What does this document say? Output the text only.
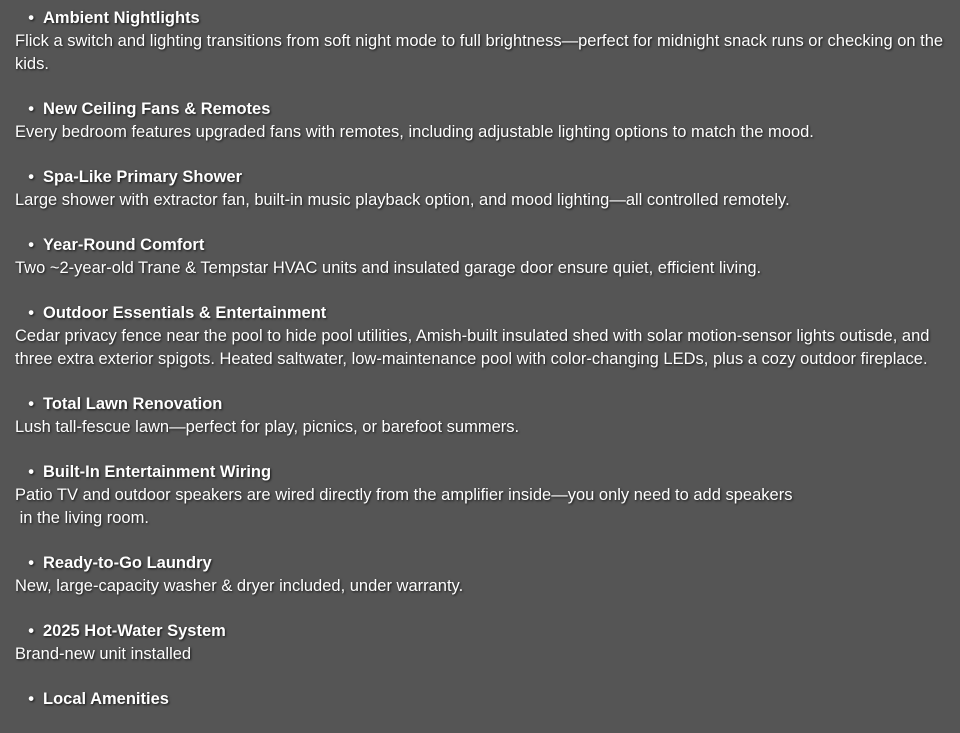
• Ambient Nightlights
Flick a switch and lighting transitions from soft night mode to full brightness—perfect for midnight snack runs or checking on the kids.
• New Ceiling Fans & Remotes
Every bedroom features upgraded fans with remotes, including adjustable lighting options to match the mood.
• Spa-Like Primary Shower
Large shower with extractor fan, built-in music playback option, and mood lighting—all controlled remotely.
• Year-Round Comfort
Two ~2-year-old Trane & Tempstar HVAC units and insulated garage door ensure quiet, efficient living.
• Outdoor Essentials & Entertainment
Cedar privacy fence near the pool to hide pool utilities, Amish-built insulated shed with solar motion-sensor lights outisde, and three extra exterior spigots. Heated saltwater, low-maintenance pool with color-changing LEDs, plus a cozy outdoor fireplace.
• Total Lawn Renovation
Lush tall-fescue lawn—perfect for play, picnics, or barefoot summers.
• Built-In Entertainment Wiring
Patio TV and outdoor speakers are wired directly from the amplifier inside—you only need to add speakers
in the living room.
• Ready-to-Go Laundry
New, large-capacity washer & dryer included, under warranty.
• 2025 Hot-Water System
Brand-new unit installed
• Local Amenities
